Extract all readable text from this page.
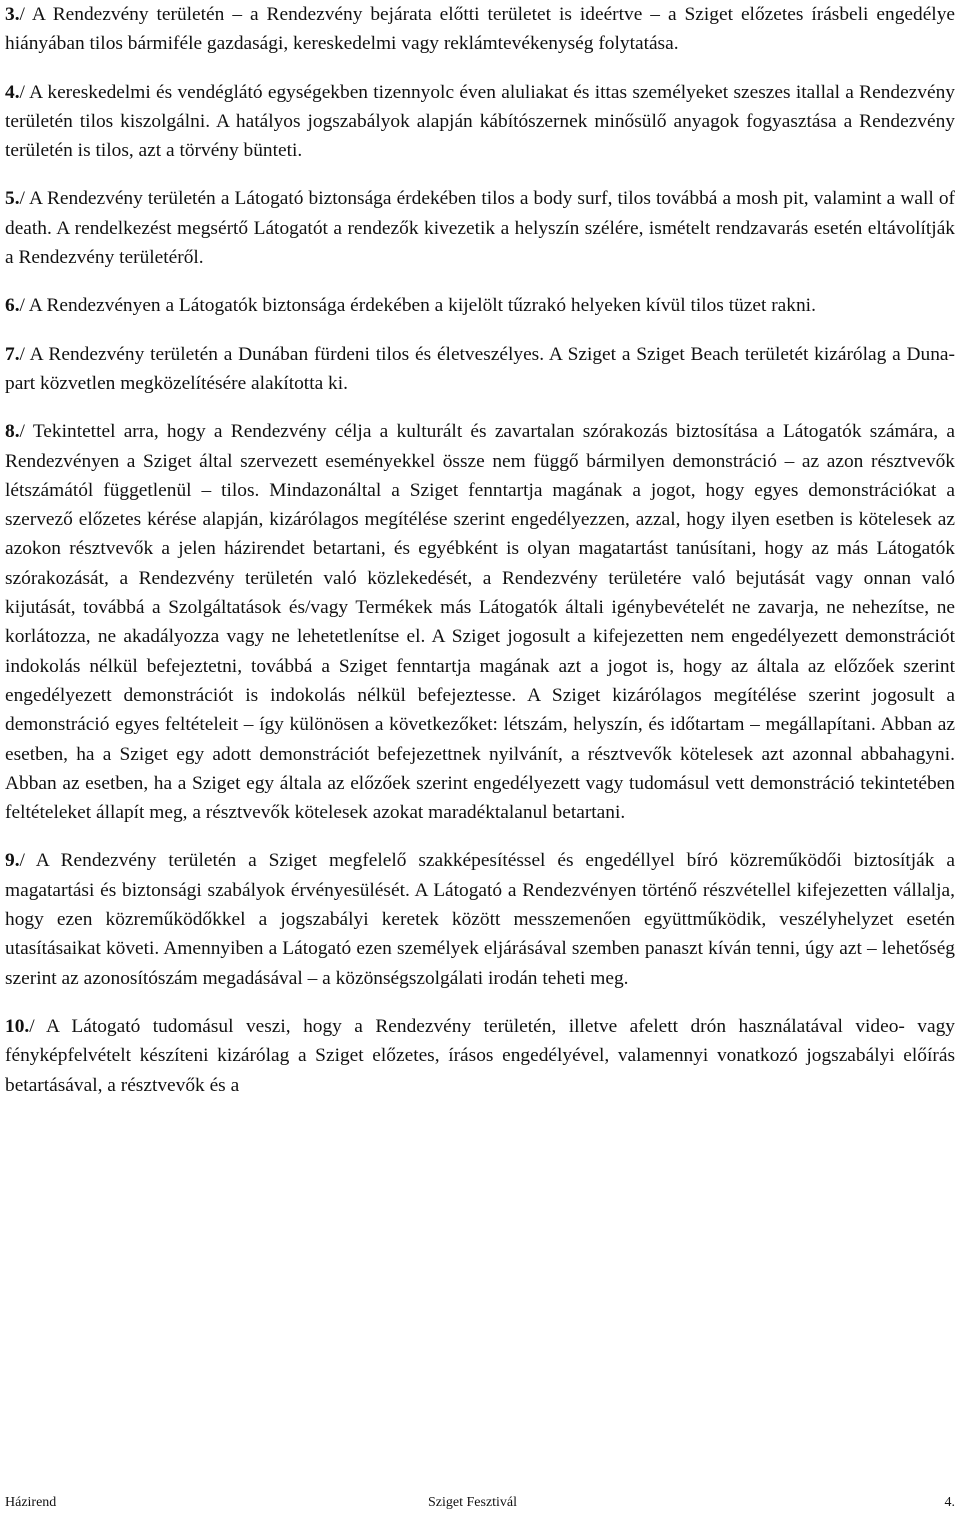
3./ A Rendezvény területén – a Rendezvény bejárata előtti területet is ideértve – a Sziget előzetes írásbeli engedélye hiányában tilos bármiféle gazdasági, kereskedelmi vagy reklámtevékenység folytatása.

4./ A kereskedelmi és vendéglátó egységekben tizennyolc éven aluliakat és ittas személyeket szeszes itallal a Rendezvény területén tilos kiszolgálni. A hatályos jogszabályok alapján kábítószernek minősülő anyagok fogyasztása a Rendezvény területén is tilos, azt a törvény bünteti.

5./ A Rendezvény területén a Látogató biztonsága érdekében tilos a body surf, tilos továbbá a mosh pit, valamint a wall of death. A rendelkezést megsértő Látogatót a rendezők kivezetik a helyszín szélére, ismételt rendzavarás esetén eltávolítják a Rendezvény területéről.

6./ A Rendezvényen a Látogatók biztonsága érdekében a kijelölt tűzrakó helyeken kívül tilos tüzet rakni.

7./ A Rendezvény területén a Dunában fürdeni tilos és életveszélyes. A Sziget a Sziget Beach területét kizárólag a Duna-part közvetlen megközelítésére alakította ki.

8./ Tekintettel arra, hogy a Rendezvény célja a kulturált és zavartalan szórakozás biztosítása a Látogatók számára, a Rendezvényen a Sziget által szervezett eseményekkel össze nem függő bármilyen demonstráció – az azon résztvevők létszámától függetlenül – tilos. Mindazonáltal a Sziget fenntartja magának a jogot, hogy egyes demonstrációkat a szervező előzetes kérése alapján, kizárólagos megítélése szerint engedélyezzen, azzal, hogy ilyen esetben is kötelesek az azokon résztvevők a jelen házirendet betartani, és egyébként is olyan magatartást tanúsítani, hogy az más Látogatók szórakozását, a Rendezvény területén való közlekedését, a Rendezvény területére való bejutását vagy onnan való kijutását, továbbá a Szolgáltatások és/vagy Termékek más Látogatók általi igénybevételét ne zavarja, ne nehezítse, ne korlátozza, ne akadályozza vagy ne lehetetlenítse el. A Sziget jogosult a kifejezetten nem engedélyezett demonstrációt indokolás nélkül befejeztetni, továbbá a Sziget fenntartja magának azt a jogot is, hogy az általa az előzőek szerint engedélyezett demonstrációt is indokolás nélkül befejeztesse. A Sziget kizárólagos megítélése szerint jogosult a demonstráció egyes feltételeit – így különösen a következőket: létszám, helyszín, és időtartam – megállapítani. Abban az esetben, ha a Sziget egy adott demonstrációt befejezettnek nyilvánít, a résztvevők kötelesek azt azonnal abbahagyni. Abban az esetben, ha a Sziget egy általa az előzőek szerint engedélyezett vagy tudomásul vett demonstráció tekintetében feltételeket állapít meg, a résztvevők kötelesek azokat maradéktalanul betartani.

9./ A Rendezvény területén a Sziget megfelelő szakképesítéssel és engedéllyel bíró közreműködői biztosítják a magatartási és biztonsági szabályok érvényesülését. A Látogató a Rendezvényen történő részvétellel kifejezetten vállalja, hogy ezen közreműködőkkel a jogszabályi keretek között messzemenően együttműködik, veszélyhelyzet esetén utasításaikat követi. Amennyiben a Látogató ezen személyek eljárásával szemben panaszt kíván tenni, úgy azt – lehetőség szerint az azonosítószám megadásával – a közönségszolgálati irodán teheti meg.

10./ A Látogató tudomásul veszi, hogy a Rendezvény területén, illetve afelett drón használatával video- vagy fényképfelvételt készíteni kizárólag a Sziget előzetes, írásos engedélyével, valamennyi vonatkozó jogszabályi előírás betartásával, a résztvevők és a

Házirend	Sziget Fesztivál	4.
